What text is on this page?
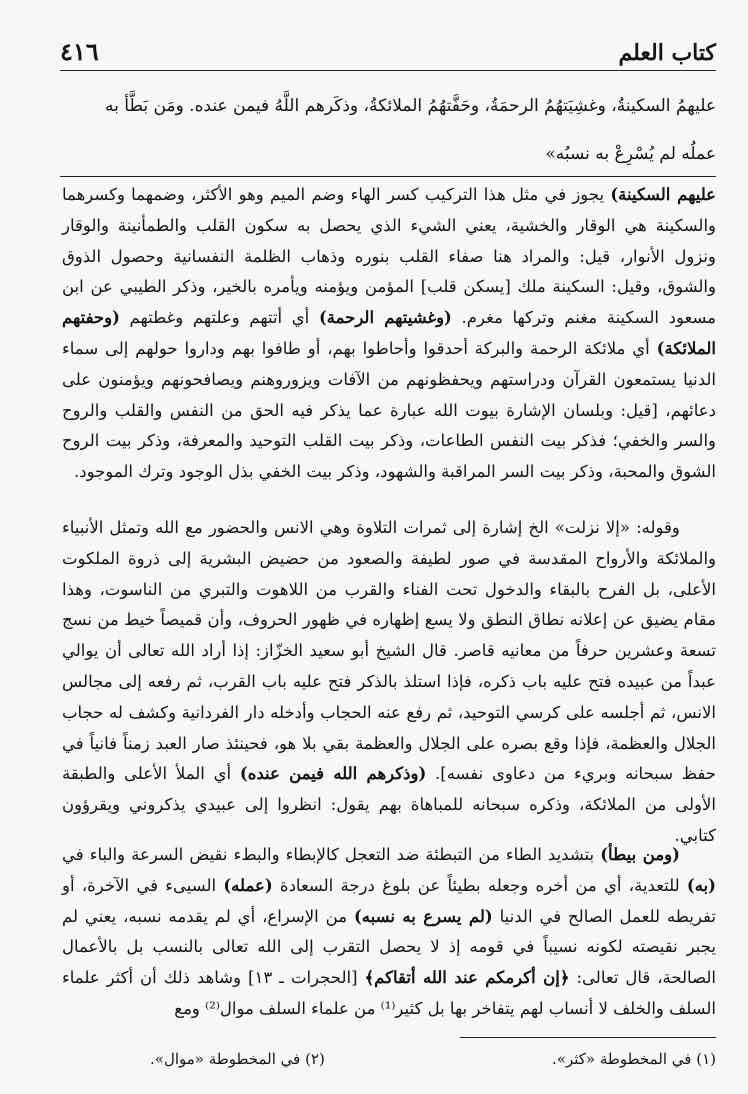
٤١٦	كتاب العلم

عليهمُ السكينةُ، وغشِيَتهُمُ الرحمَةُ، وحَفَّتهُمُ الملائكةُ، وذكَرهم اللَّهُ فيمن عنده. ومَن بَطَّأ به

عملُه لم يُسْرِعْ به نسبُه»

عليهم السكينة) يجوز في مثل هذا التركيب كسر الهاء وضم الميم وهو الأكثر، وضمهما وكسرهما والسكينة هي الوقار والخشية، يعني الشيء الذي يحصل به سكون القلب والطمأنينة والوقار ونزول الأنوار، قيل: والمراد هنا صفاء القلب بنوره وذهاب الظلمة النفسانية وحصول الذوق والشوق، وقيل: السكينة ملك [يسكن قلب] المؤمن ويؤمنه ويأمره بالخير، وذكر الطيبي عن ابن مسعود السكينة مغنم وتركها مغرم. (وغشيتهم الرحمة) أي أتتهم وعلتهم وغطتهم (وحفتهم الملائكة) أي ملائكة الرحمة والبركة أحدقوا وأحاطوا بهم، أو طافوا بهم وداروا حولهم إلى سماء الدنيا يستمعون القرآن ودراستهم ويحفظونهم من الآفات ويزوروهنم ويصافحونهم ويؤمنون على دعائهم، [قيل: وبلسان الإشارة بيوت الله عبارة عما يذكر فيه الحق من النفس والقلب والروح والسر والخفي؛ فذكر بيت النفس الطاعات، وذكر بيت القلب التوحيد والمعرفة، وذكر بيت الروح الشوق والمحبة، وذكر بيت السر المراقبة والشهود، وذكر بيت الخفي بذل الوجود وترك الموجود.

وقوله: «إلا نزلت» الخ إشارة إلى ثمرات التلاوة وهي الانس والحضور مع الله وتمثل الأنبياء والملائكة والأرواح المقدسة في صور لطيفة والصعود من حضيض البشرية إلى ذروة الملكوت الأعلى، بل الفرح بالبقاء والدخول تحت الفناء والقرب من اللاهوت والتبري من الناسوت، وهذا مقام يضيق عن إعلانه نطاق النطق ولا يسع إظهاره في ظهور الحروف، وأن قميصاً خيط من نسج تسعة وعشرين حرفاً من معانيه قاصر. قال الشيخ أبو سعيد الخزّاز: إذا أراد الله تعالى أن يوالي عبداً من عبيده فتح عليه باب ذكره، فإذا استلذ بالذكر فتح عليه باب القرب، ثم رفعه إلى مجالس الانس، ثم أجلسه على كرسي التوحيد، ثم رفع عنه الحجاب وأدخله دار الفردانية وكشف له حجاب الجلال والعظمة، فإذا وقع بصره على الجلال والعظمة بقي بلا هو، فحينئذ صار العبد زمناً فانياً في حفظ سبحانه وبريء من دعاوى نفسه]. (وذكرهم الله فيمن عنده) أي الملأ الأعلى والطبقة الأولى من الملائكة، وذكره سبحانه للمباهاة بهم يقول: انظروا إلى عبيدي يذكروني ويقرؤون كتابي.

(ومن بيطأ) بتشديد الطاء من التبطئة ضد التعجل كالإبطاء والبطء نقيض السرعة والباء في (به) للتعدية، أي من أخره وجعله بطيئاً عن بلوغ درجة السعادة (عمله) السيىء في الآخرة، أو تفريطه للعمل الصالح في الدنيا (لم يسرع به نسبه) من الإسراع، أي لم يقدمه نسبه، يعني لم يجبر نقيصته لكونه نسيباً في قومه إذ لا يحصل التقرب إلى الله تعالى بالنسب بل بالأعمال الصالحة، قال تعالى: ﴿إن أكرمكم عند الله أتقاكم﴾ [الحجرات ـ ١٣] وشاهد ذلك أن أكثر علماء السلف والخلف لا أنساب لهم يتفاخر بها بل كثير⁽¹⁾ من علماء السلف موال⁽²⁾ ومع

(١) في المخطوطة «كثر».
(٢) في المخطوطة «موال».
